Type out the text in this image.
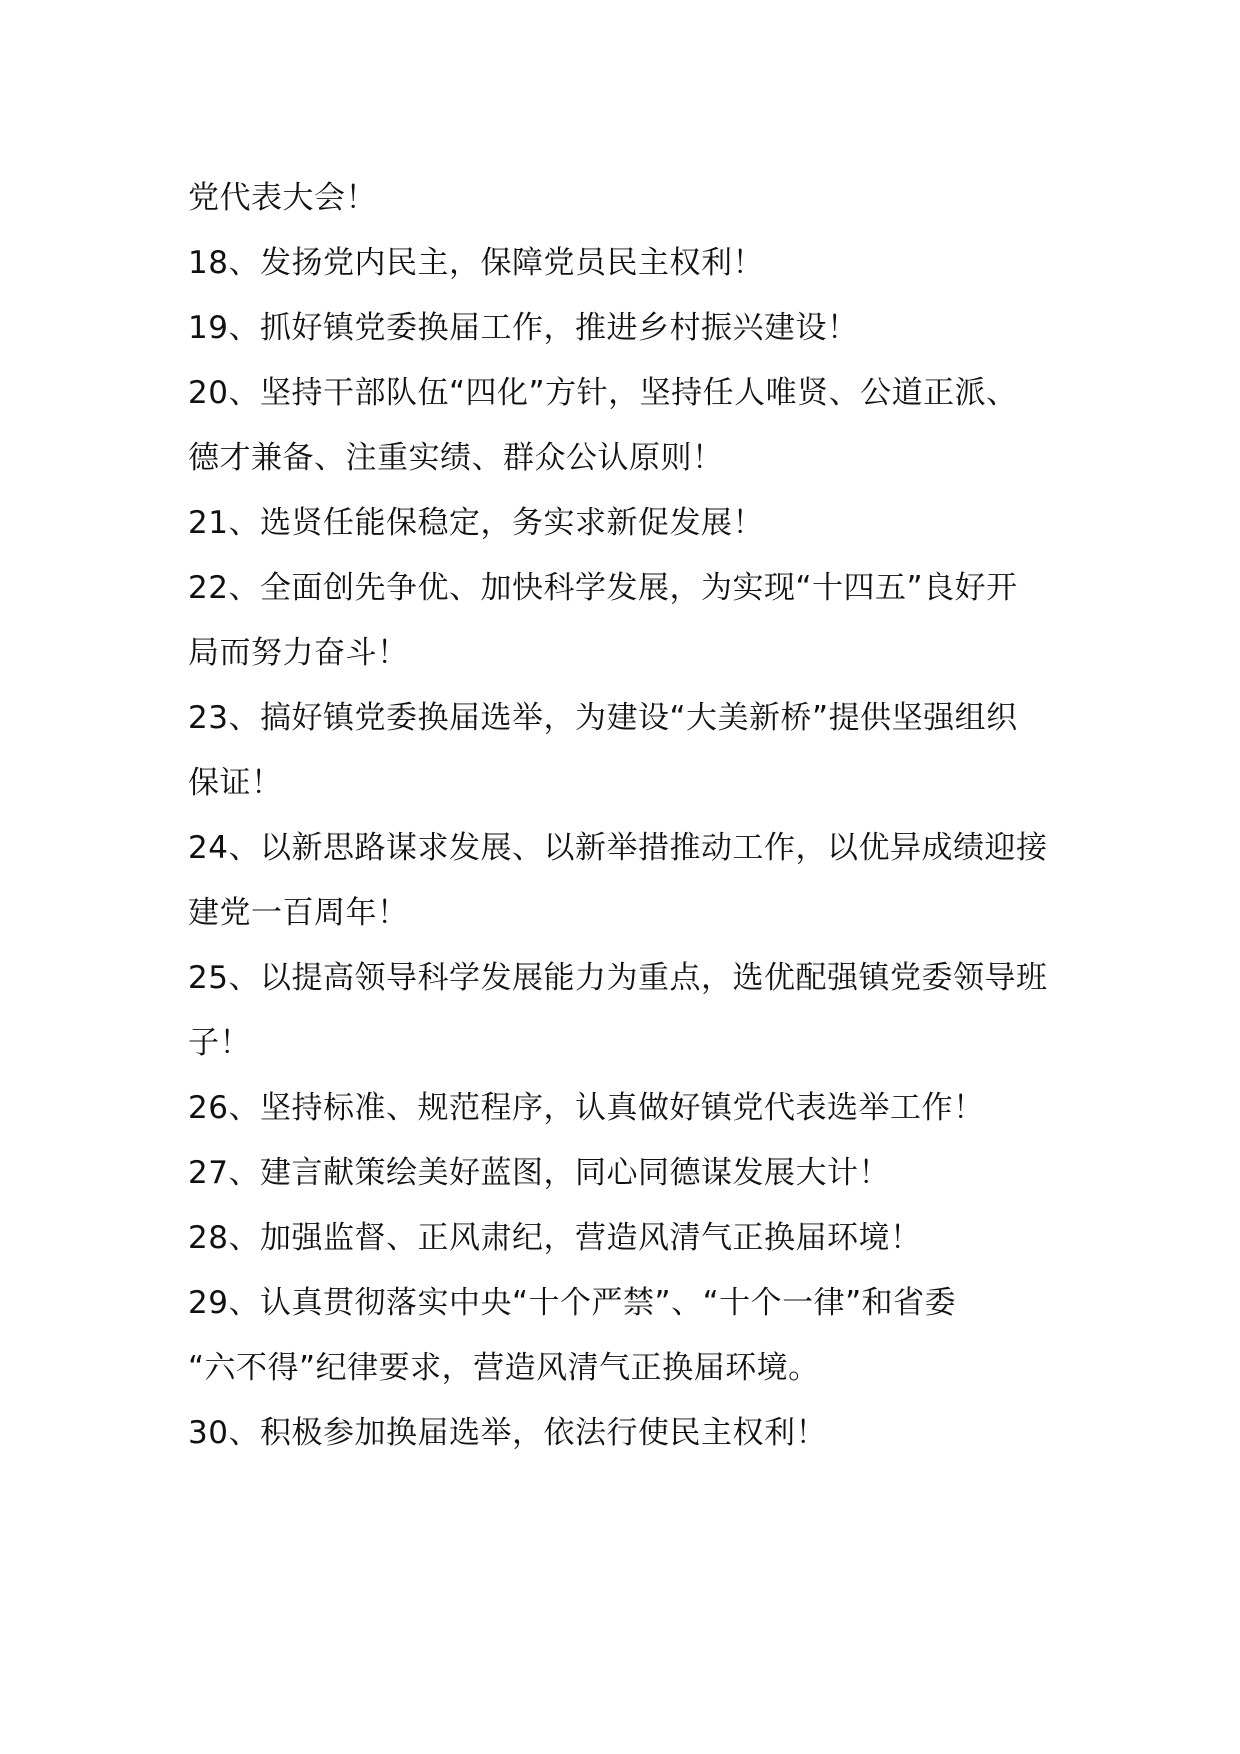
党代表大会！
18、发扬党内民主，保障党员民主权利！
19、抓好镇党委换届工作，推进乡村振兴建设！
20、坚持干部队伍“四化”方针，坚持任人唯贤、公道正派、
德才兼备、注重实绩、群众公认原则！
21、选贤任能保稳定，务实求新促发展！
22、全面创先争优、加快科学发展，为实现“十四五”良好开
局而努力奋斗！
23、搞好镇党委换届选举，为建设“大美新桥”提供坚强组织
保证！
24、以新思路谋求发展、以新举措推动工作，以优异成绩迎接
建党一百周年！
25、以提高领导科学发展能力为重点，选优配强镇党委领导班
子！
26、坚持标准、规范程序，认真做好镇党代表选举工作！
27、建言献策绘美好蓝图，同心同德谋发展大计！
28、加强监督、正风肃纪，营造风清气正换届环境！
29、认真贯彻落实中央“十个严禁”、“十个一律”和省委
“六不得”纪律要求，营造风清气正换届环境。
30、积极参加换届选举，依法行使民主权利！
